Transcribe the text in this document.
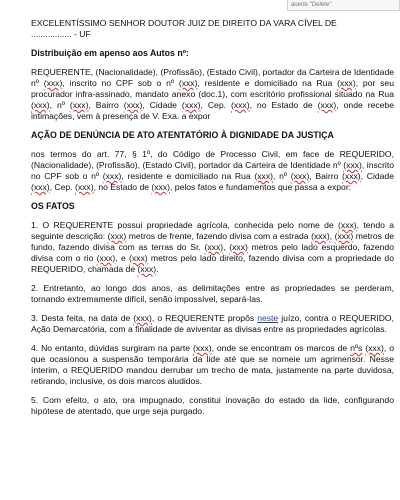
aoerte "Delete"

EXCELENTÍSSIMO SENHOR DOUTOR JUIZ DE DIREITO DA VARA CÍVEL DE
................. - UF

Distribuição em apenso aos Autos nº:

REQUERENTE, (Nacionalidade), (Profissão), (Estado Civil), portador da Carteira de Identidade nº (xxx), inscrito no CPF sob o nº (xxx), residente e domiciliado na Rua (xxx), por seu procurador infra-assinado, mandato anexo (doc.1), com escritório profissional situado na Rua (xxx), nº (xxx), Bairro (xxx), Cidade (xxx), Cep. (xxx), no Estado de (xxx), onde recebe intimações, vem à presença de V. Exa. a expor

AÇÃO DE DENÚNCIA DE ATO ATENTATÓRIO À DIGNIDADE DA JUSTIÇA

nos termos do art. 77, § 1º, do Código de Processo Civil, em face de REQUERIDO, (Nacionalidade), (Profissão), (Estado Civil), portador da Carteira de Identidade nº (xxx), inscrito no CPF sob o nº (xxx), residente e domiciliado na Rua (xxx), nº (xxx), Bairro (xxx), Cidade (xxx), Cep. (xxx), no Estado de (xxx), pelos fatos e fundamentos que passa a expor:

OS FATOS

1. O REQUERENTE possui propriedade agrícola, conhecida pelo nome de (xxx), tendo a seguinte descrição: (xxx) metros de frente, fazendo divisa com a estrada (xxx), (xxx) metros de fundo, fazendo divisa com as terras do Sr. (xxx), (xxx) metros pelo lado esquerdo, fazendo divisa com o rio (xxx), e (xxx) metros pelo lado direito, fazendo divisa com a propriedade do REQUERIDO, chamada de (xxx).

2. Entretanto, ao longo dos anos, as delimitações entre as propriedades se perderam, tornando extremamente difícil, senão impossível, separá-las.

3. Desta feita, na data de (xxx), o REQUERENTE propôs neste juízo, contra o REQUERIDO, Ação Demarcatória, com a finalidade de aviventar as divisas entre as propriedades agrícolas.

4. No entanto, dúvidas surgiram na parte (xxx), onde se encontram os marcos de nºs (xxx), o que ocasionou a suspensão temporária da lide até que se nomeie um agrimensor. Nesse ínterim, o REQUERIDO mandou derrubar um trecho de mata, justamente na parte duvidosa, retirando, inclusive, os dois marcos aludidos.

5. Com efeito, o ato, ora impugnado, constitui inovação do estado da lide, configurando hipótese de atentado, que urge seja purgado.
